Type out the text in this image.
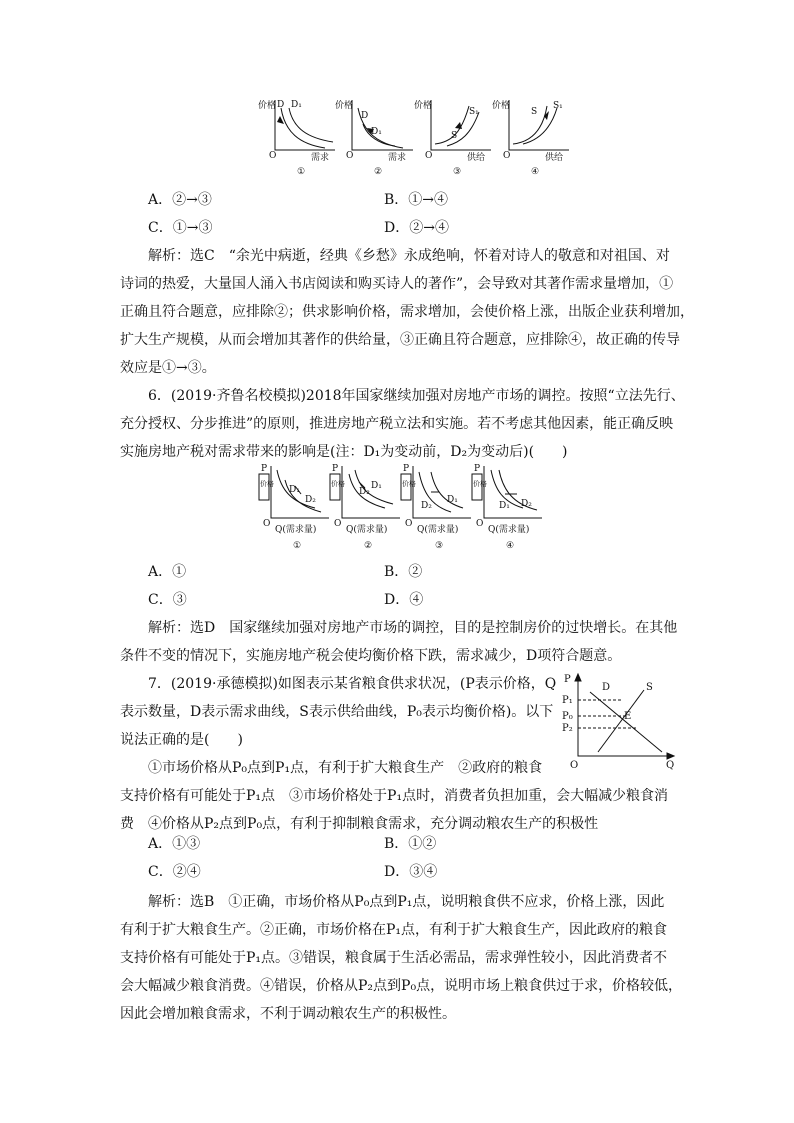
价格
O	需求
D D₁
①
价格
O	需求
D
D₁
②
价格
O	供给
S
S₁
③
价格
O	供给
S
S₁
④
A．②→③	B．①→④
C．①→③	D．②→④
解析：选C　“余光中病逝，经典《乡愁》永成绝响，怀着对诗人的敬意和对祖国、对
诗词的热爱，大量国人涌入书店阅读和购买诗人的著作”，会导致对其著作需求量增加，①
正确且符合题意，应排除②；供求影响价格，需求增加，会使价格上涨，出版企业获利增加，
扩大生产规模，从而会增加其著作的供给量，③正确且符合题意，应排除④，故正确的传导
效应是①→③。
6．(2019·齐鲁名校模拟)2018年国家继续加强对房地产市场的调控。按照“立法先行、
充分授权、分步推进”的原则，推进房地产税立法和实施。若不考虑其他因素，能正确反映
实施房地产税对需求带来的影响是(注：D₁为变动前，D₂为变动后)(　　)
P
价格
O
Q(需求量)
D₁
D₂
①
P
价格
O
Q(需求量)
D₂
D₁
②
P
价格
O
Q(需求量)
D₂
D₁
③
P
价格
O
Q(需求量)
D₁ D₂
④
A．①	B．②
C．③	D．④
解析：选D　国家继续加强对房地产市场的调控，目的是控制房价的过快增长。在其他
条件不变的情况下，实施房地产税会使均衡价格下跌，需求减少，D项符合题意。
7．(2019·承德模拟)如图表示某省粮食供求状况，(P表示价格，Q
表示数量，D表示需求曲线，S表示供给曲线，P₀表示均衡价格)。以下
说法正确的是(　　)
①市场价格从P₀点到P₁点，有利于扩大粮食生产　②政府的粮食
支持价格有可能处于P₁点　③市场价格处于P₁点时，消费者负担加重，会大幅减少粮食消
费　④价格从P₂点到P₀点，有利于抑制粮食需求，充分调动粮农生产的积极性
P
P₁
P₀
P₂
D	S
E
O	Q
A．①③	B．①②
C．②④	D．③④
解析：选B　①正确，市场价格从P₀点到P₁点，说明粮食供不应求，价格上涨，因此
有利于扩大粮食生产。②正确，市场价格在P₁点，有利于扩大粮食生产，因此政府的粮食
支持价格有可能处于P₁点。③错误，粮食属于生活必需品，需求弹性较小，因此消费者不
会大幅减少粮食消费。④错误，价格从P₂点到P₀点，说明市场上粮食供过于求，价格较低，
因此会增加粮食需求，不利于调动粮农生产的积极性。
